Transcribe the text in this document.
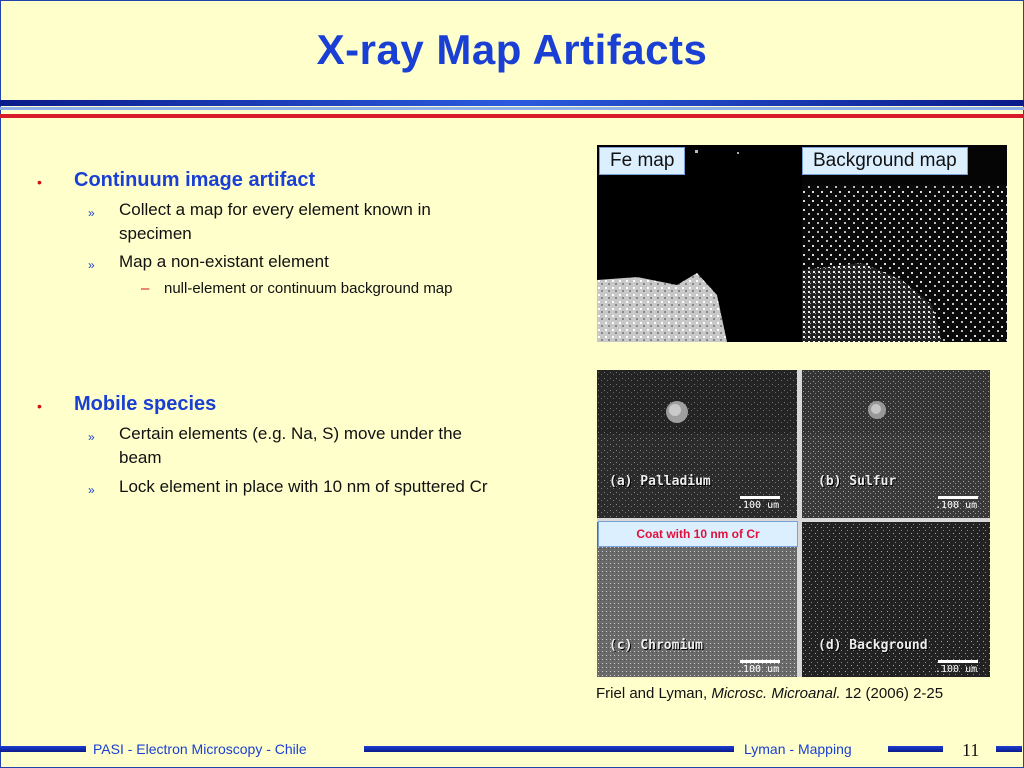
X-ray Map Artifacts
• Continuum image artifact
» Collect a map for every element known in
specimen
» Map a non-existant element
– null-element or continuum background map
• Mobile species
» Certain elements (e.g. Na, S) move under the
beam
» Lock element in place with 10 nm of sputtered Cr
Fe map	Background map
(a) Palladium	(b) Sulfur
(c) Chromium	(d) Background
.100 um	.100 um
.100 um	.100 um
Coat with 10 nm of Cr
Friel and Lyman, Microsc. Microanal. 12 (2006) 2-25
PASI - Electron Microscopy - Chile	Lyman - Mapping	11
